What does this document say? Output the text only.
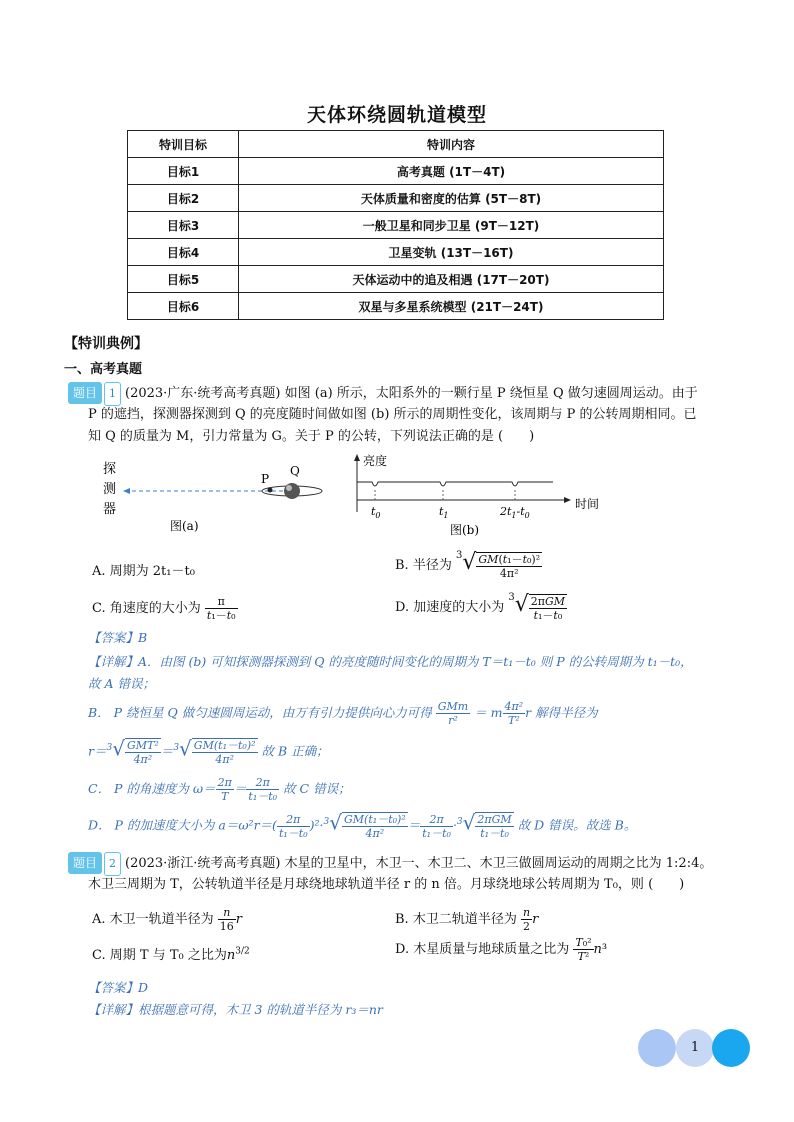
天体环绕圆轨道模型
特训目标	特训内容
目标1	高考真题 (1T－4T)
目标2	天体质量和密度的估算 (5T－8T)
目标3	一般卫星和同步卫星 (9T－12T)
目标4	卫星变轨 (13T－16T)
目标5	天体运动中的追及相遇 (17T－20T)
目标6	双星与多星系统模型 (21T－24T)
【特训典例】
一、高考真题
题目 1 (2023·广东·统考高考真题) 如图 (a) 所示，太阳系外的一颗行星 P 绕恒星 Q 做匀速圆周运动。由于
P 的遮挡，探测器探测到 Q 的亮度随时间做如图 (b) 所示的周期性变化，该周期与 P 的公转周期相同。已
知 Q 的质量为 M，引力常量为 G。关于 P 的公转，下列说法正确的是 (　　)
探
测
器
P
Q
图(a)
亮度
时间
$t_0$	$t_1$	$2t_1-t_0$
图(b)
A. 周期为 2t₁－t₀	B. 半径为 $^3√ \frac{\text{GM(t₁－t₀)²}}{\text{4π²}}$
C. 角速度的大小为 $\frac{\pi}{\text{t₁－t₀}}$	D. 加速度的大小为 $^3√ \frac{\text{2πGM}}{\text{t₁－t₀}}$
【答案】B
【详解】A．由图 (b) 可知探测器探测到 Q 的亮度随时间变化的周期为 T＝t₁－t₀ 则 P 的公转周期为 t₁－t₀，
故 A 错误；
B． P 绕恒星 Q 做匀速圆周运动，由万有引力提供向心力可得 $\frac{\text{GMm}}{\text{r²}} = m \frac{\text{4π²}}{\text{T²}}$ r 解得半径为
$r=^3√ \frac{\text{GMT²}}{\text{4π²}} =^3√ \frac{\text{GM(t₁－t₀)²}}{\text{4π²}}$ 故 B 正确；
C． P 的角速度为 $\omega= \frac{2\pi}{T} = \frac{2\pi}{\text{t₁－t₀}}$ 故 C 错误；
D． P 的加速度大小为 $a=\omega^2r=( \frac{2\pi}{\text{t₁－t₀}} )^2\cdot^3√ \frac{\text{GM(t₁－t₀)²}}{\text{4π²}} = \frac{2\pi}{\text{t₁－t₀}} \cdot^3√ \frac{\text{2πGM}}{\text{t₁－t₀}}$ 故 D 错误。故选 B。
题目 2 (2023·浙江·统考高考真题) 木星的卫星中，木卫一、木卫二、木卫三做圆周运动的周期之比为 1:2:4。
木卫三周期为 T，公转轨道半径是月球绕地球轨道半径 r 的 n 倍。月球绕地球公转周期为 T₀，则 (　　)
A. 木卫一轨道半径为 $\frac{n}{16}$ r	B. 木卫二轨道半径为 $\frac{n}{2}$ r
C. 周期 T 与 T₀ 之比为$n^{3/2}$	D. 木星质量与地球质量之比为 $\frac{\text{T₀²}}{\text{T²}} n^3$
【答案】D
【详解】根据题意可得，木卫 3 的轨道半径为 r₃＝nr
1
